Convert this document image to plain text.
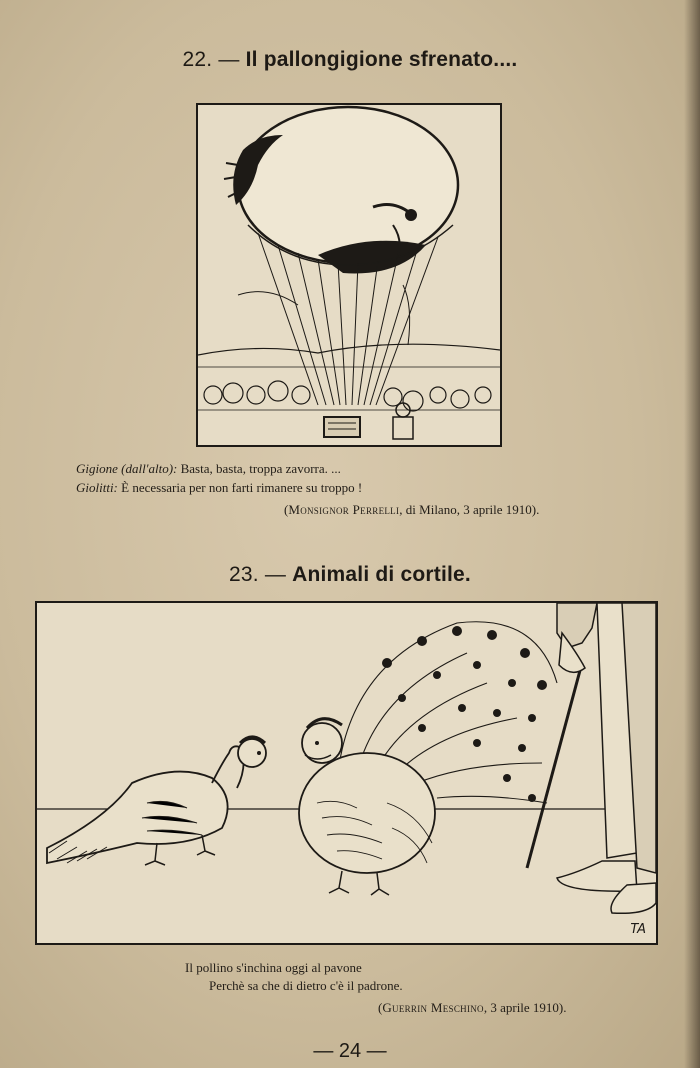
22. — Il pallongigione sfrenato....
Gigione (dall'alto): Basta, basta, troppa zavorra. ...
Giolitti: È necessaria per non farti rimanere su troppo !
(Monsignor Perrelli, di Milano, 3 aprile 1910).
23. — Animali di cortile.
TA
Il pollino s'inchina oggi al pavone
Perchè sa che di dietro c'è il padrone.
(Guerrin Meschino, 3 aprile 1910).
— 24 —
